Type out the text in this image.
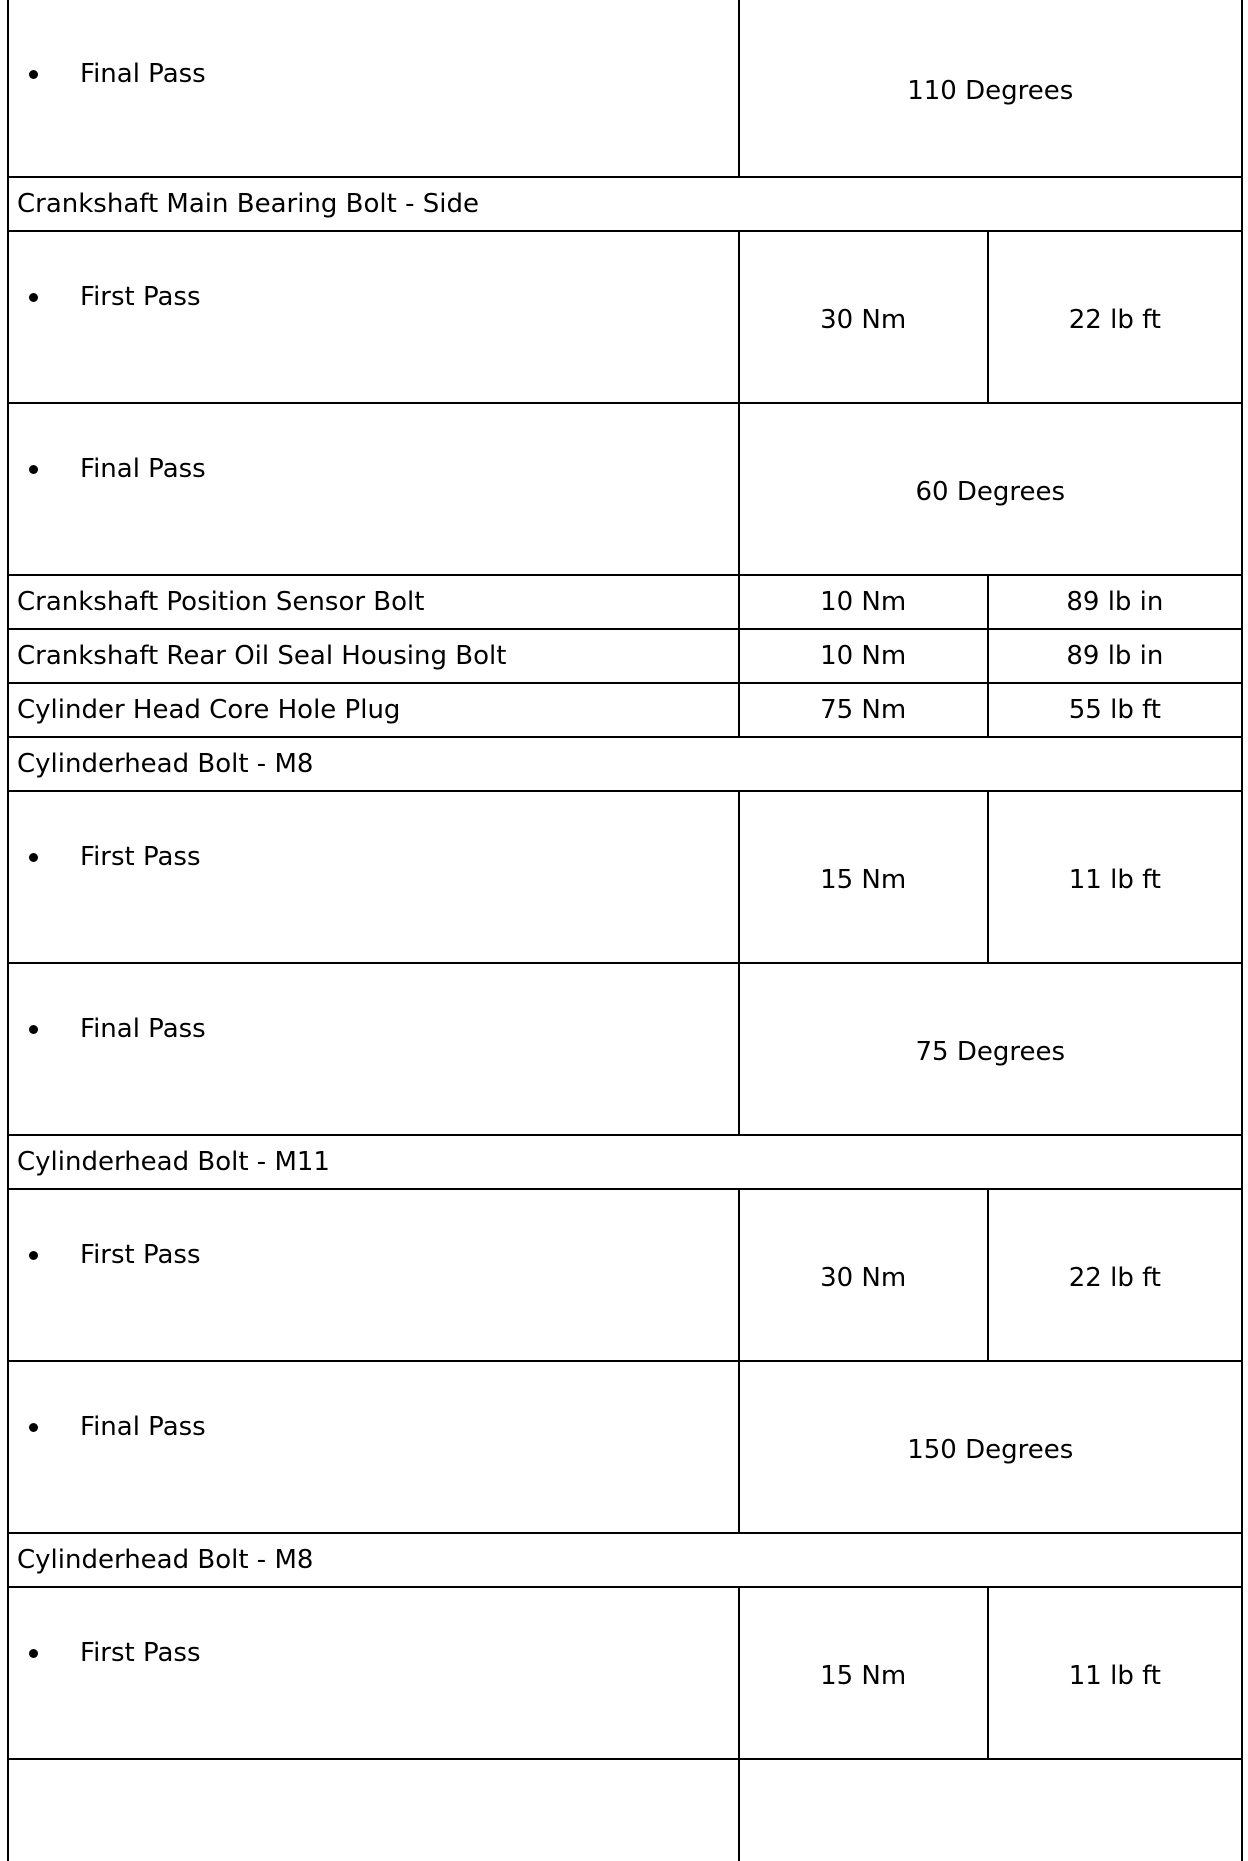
Final Pass	110 Degrees	
Crankshaft Main Bearing Bolt - Side		

First Pass	30 Nm	22 lb ft

Final Pass	60 Degrees	
Crankshaft Position Sensor Bolt	10 Nm	89 lb in
Crankshaft Rear Oil Seal Housing Bolt	10 Nm	89 lb in
Cylinder Head Core Hole Plug	75 Nm	55 lb ft
Cylinderhead Bolt - M8		

First Pass	15 Nm	11 lb ft

Final Pass	75 Degrees	
Cylinderhead Bolt - M11		

First Pass	30 Nm	22 lb ft

Final Pass	150 Degrees	
Cylinderhead Bolt - M8		

First Pass	15 Nm	11 lb ft
